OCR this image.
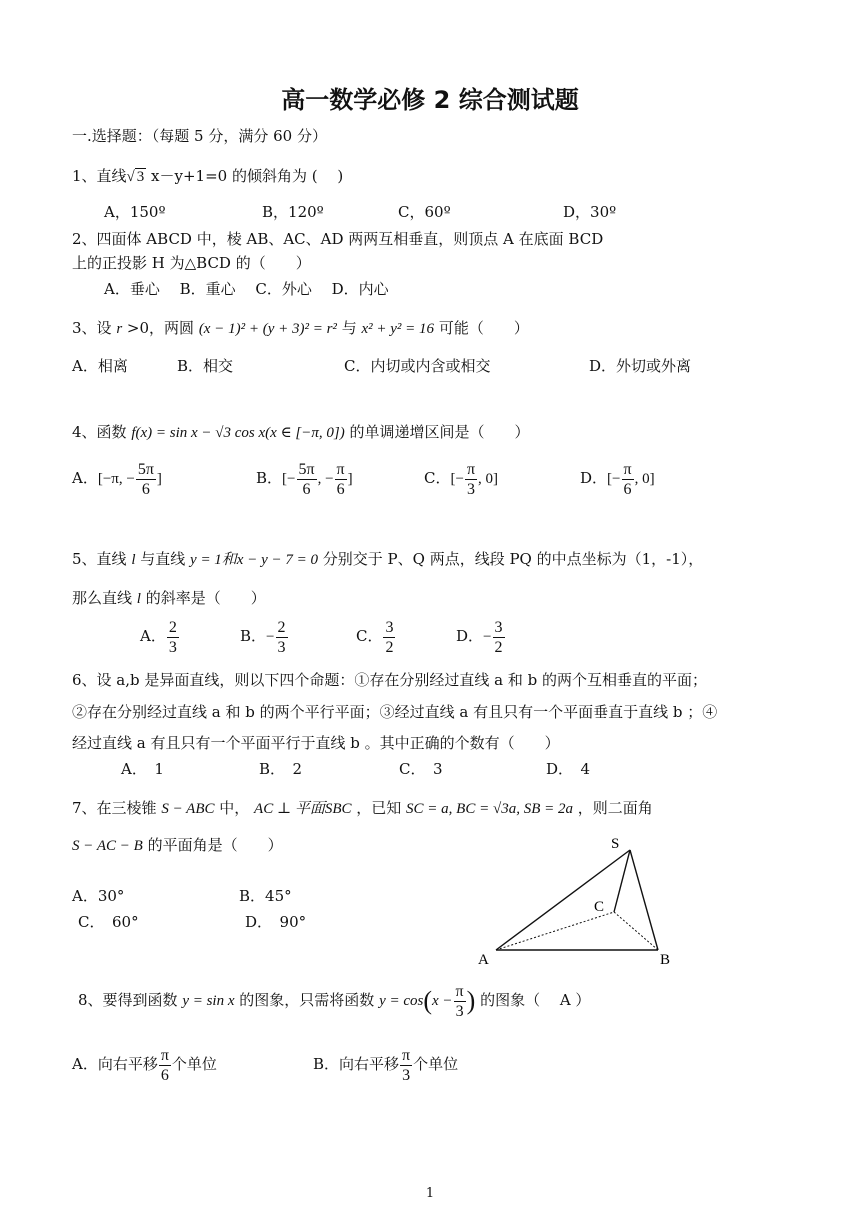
高一数学必修 2 综合测试题
一.选择题：（每题 5 分，满分 60 分）
1、直线√ 3 x－y+1=0 的倾斜角为 (　 )
A，150º	B，120º	C，60º	D，30º
2、四面体 ABCD 中，棱 AB、AC、AD 两两互相垂直，则顶点 A 在底面 BCD
上的正投影 H 为△BCD 的（　　）
A．垂心　 B．重心　 C．外心　 D．内心
3、设 r >0，两圆 (x − 1)² + (y + 3)² = r² 与 x² + y² = 16 可能（　　）
A．相离	B．相交	C．内切或内含或相交	D．外切或外离
4、函数 f(x) = sin x − √3 cos x(x ∈ [−π, 0]) 的单调递增区间是（　　）
A．[−π, − $\frac{5\pi}{6}$ ]	B．[− $\frac{5\pi}{6}$ , − $\frac{\pi}{6}$ ]	C．[− $\frac{\pi}{3}$ , 0]	D．[− $\frac{\pi}{6}$ , 0]
5、直线 l 与直线 y = 1和x − y − 7 = 0 分别交于 P、Q 两点，线段 PQ 的中点坐标为（1，-1），
那么直线 l 的斜率是（　　）
A． $\frac{2}{3}$	B．− $\frac{2}{3}$	C． $\frac{3}{2}$	D．− $\frac{3}{2}$
6、设 a,b 是异面直线，则以下四个命题：①存在分别经过直线 a 和 b 的两个互相垂直的平面；
②存在分别经过直线 a 和 b 的两个平行平面；③经过直线 a 有且只有一个平面垂直于直线 b ；④
经过直线 a 有且只有一个平面平行于直线 b 。其中正确的个数有（　　）
A．　1	B．　2	C．　3	D．　4
7、在三棱锥 S − ABC 中， AC ⊥ 平面SBC ，已知 SC = a, BC = √3a, SB = 2a ，则二面角
S − AC − B 的平面角是（　　）
A．30°	B．45°
C．　60°	D．　90°
S
C
A	B
8、要得到函数 y = sin x 的图象，只需将函数 $y = \cos(x - \frac{\pi}{3}$ ) 的图象（　 A ）
A．向右平移 $\frac{\pi}{6}$ 个单位	B．向右平移 $\frac{\pi}{3}$ 个单位
1
